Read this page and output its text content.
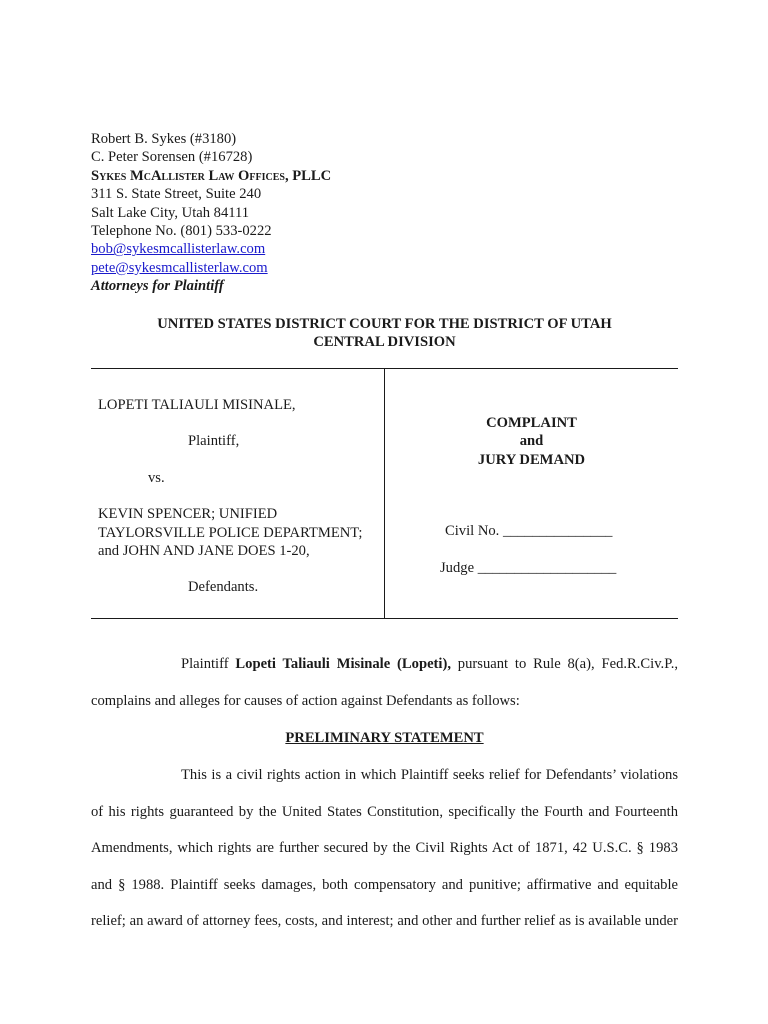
Robert B. Sykes (#3180)
C. Peter Sorensen (#16728)
Sykes McAllister Law Offices, PLLC
311 S. State Street, Suite 240
Salt Lake City, Utah 84111
Telephone No. (801) 533-0222
bob@sykesmcallisterlaw.com
pete@sykesmcallisterlaw.com
Attorneys for Plaintiff
UNITED STATES DISTRICT COURT FOR THE DISTRICT OF UTAH
CENTRAL DIVISION
LOPETI TALIAULI MISINALE,
Plaintiff,
vs.
KEVIN SPENCER; UNIFIED
TAYLORSVILLE POLICE DEPARTMENT;
and JOHN AND JANE DOES 1-20,
Defendants.
COMPLAINT
and
JURY DEMAND
Civil No. _______________
Judge ___________________
Plaintiff Lopeti Taliauli Misinale (Lopeti), pursuant to Rule 8(a), Fed.R.Civ.P.,
complains and alleges for causes of action against Defendants as follows:
PRELIMINARY STATEMENT
This is a civil rights action in which Plaintiff seeks relief for Defendants’ violations
of his rights guaranteed by the United States Constitution, specifically the Fourth and Fourteenth
Amendments, which rights are further secured by the Civil Rights Act of 1871, 42 U.S.C. § 1983
and § 1988. Plaintiff seeks damages, both compensatory and punitive; affirmative and equitable
relief; an award of attorney fees, costs, and interest; and other and further relief as is available under
